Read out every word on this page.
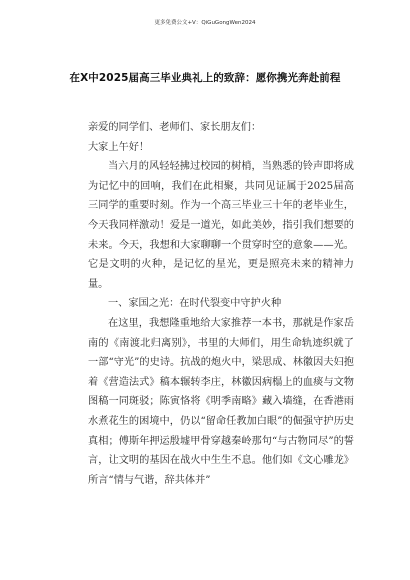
更多免费公文+V：QiGuGongWen2024
在X中2025届高三毕业典礼上的致辞：愿你携光奔赴前程

亲爱的同学们、老师们、家长朋友们：

大家上午好！

当六月的风轻轻拂过校园的树梢，当熟悉的铃声即将成为记忆中的回响，我们在此相聚，共同见证属于2025届高三同学的重要时刻。作为一个高三毕业三十年的老毕业生，今天我同样激动！爱是一道光，如此美妙，指引我们想要的未来。今天，我想和大家聊聊一个贯穿时空的意象——光。它是文明的火种，是记忆的星光，更是照亮未来的精神力量。

一、家国之光：在时代裂变中守护火种

在这里，我想隆重地给大家推荐一本书，那就是作家岳南的《南渡北归离别》，书里的大师们，用生命轨迹织就了一部“守光”的史诗。抗战的炮火中，梁思成、林徽因夫妇抱着《营造法式》稿本辗转李庄，林徽因病榻上的血痰与文物图稿一同斑驳；陈寅恪将《明季南略》藏入墙缝，在香港雨水煮花生的困境中，仍以“留命任教加白眼”的倔强守护历史真相；傅斯年押运殷墟甲骨穿越秦岭那句“与古物同尽”的誓言，让文明的基因在战火中生生不息。他们如《文心雕龙》所言“情与气谐，辞共体并”
